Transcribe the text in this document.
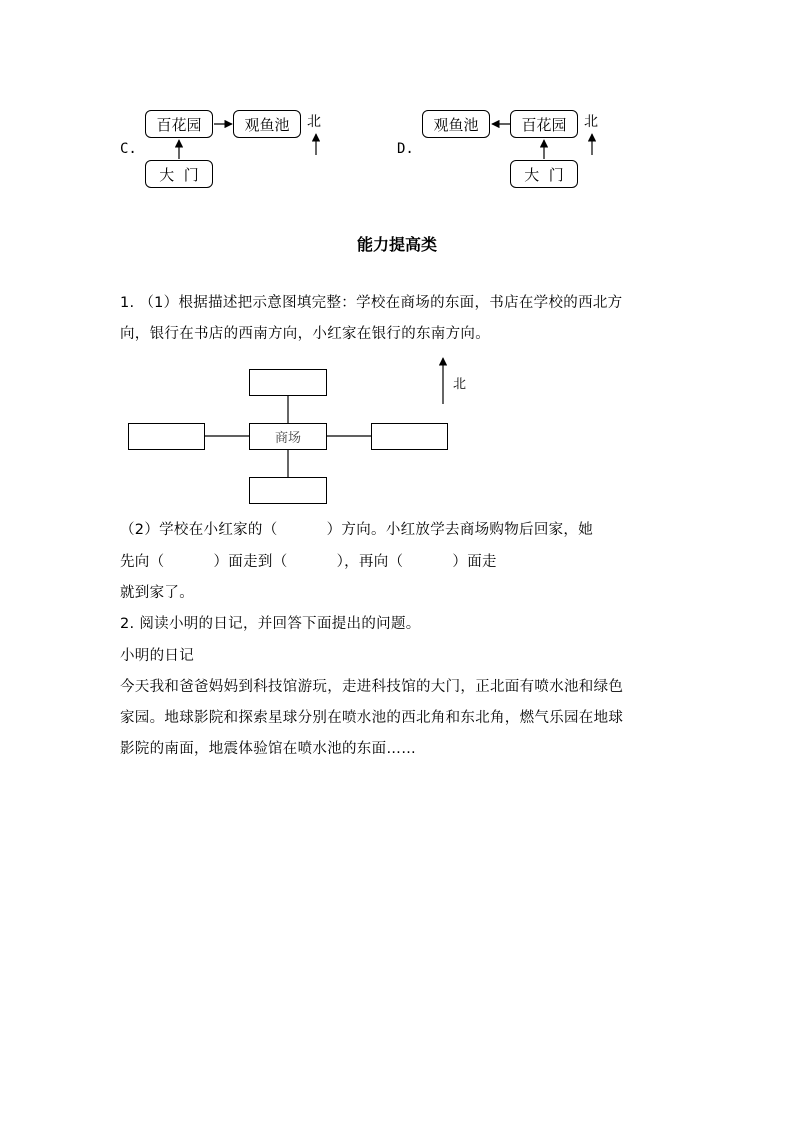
C.
百花园	观鱼池
大  门
北
D.
观鱼池	百花园
大  门
北
能力提高类
1. （1）根据描述把示意图填完整：学校在商场的东面，书店在学校的西北方
向，银行在书店的西南方向，小红家在银行的东南方向。
商场
北
（2）学校在小红家的（          ）方向。小红放学去商场购物后回家，她
先向（          ）面走到（          ），再向（          ）面走
就到家了。
2. 阅读小明的日记，并回答下面提出的问题。
小明的日记
今天我和爸爸妈妈到科技馆游玩，走进科技馆的大门，正北面有喷水池和绿色
家园。地球影院和探索星球分别在喷水池的西北角和东北角，燃气乐园在地球
影院的南面，地震体验馆在喷水池的东面……
